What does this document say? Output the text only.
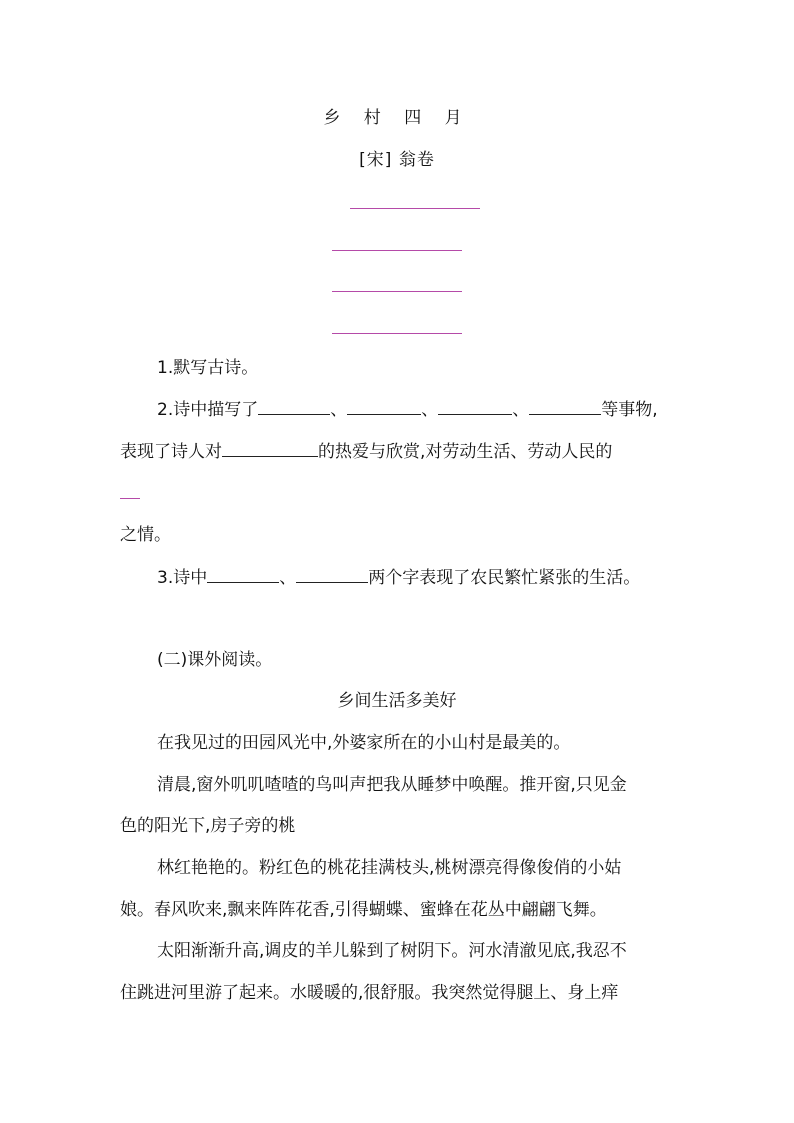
乡 村 四 月
[宋] 翁卷
1.默写古诗。
2.诗中描写了	、	、	、	等事物,
表现了诗人对	的热爱与欣赏,对劳动生活、劳动人民的
之情。
3.诗中	、	两个字表现了农民繁忙紧张的生活。
(二)课外阅读。
乡间生活多美好
在我见过的田园风光中,外婆家所在的小山村是最美的。
清晨,窗外叽叽喳喳的鸟叫声把我从睡梦中唤醒。推开窗,只见金
色的阳光下,房子旁的桃
林红艳艳的。粉红色的桃花挂满枝头,桃树漂亮得像俊俏的小姑
娘。春风吹来,飘来阵阵花香,引得蝴蝶、蜜蜂在花丛中翩翩飞舞。
太阳渐渐升高,调皮的羊儿躲到了树阴下。河水清澈见底,我忍不
住跳进河里游了起来。水暖暖的,很舒服。我突然觉得腿上、身上痒
